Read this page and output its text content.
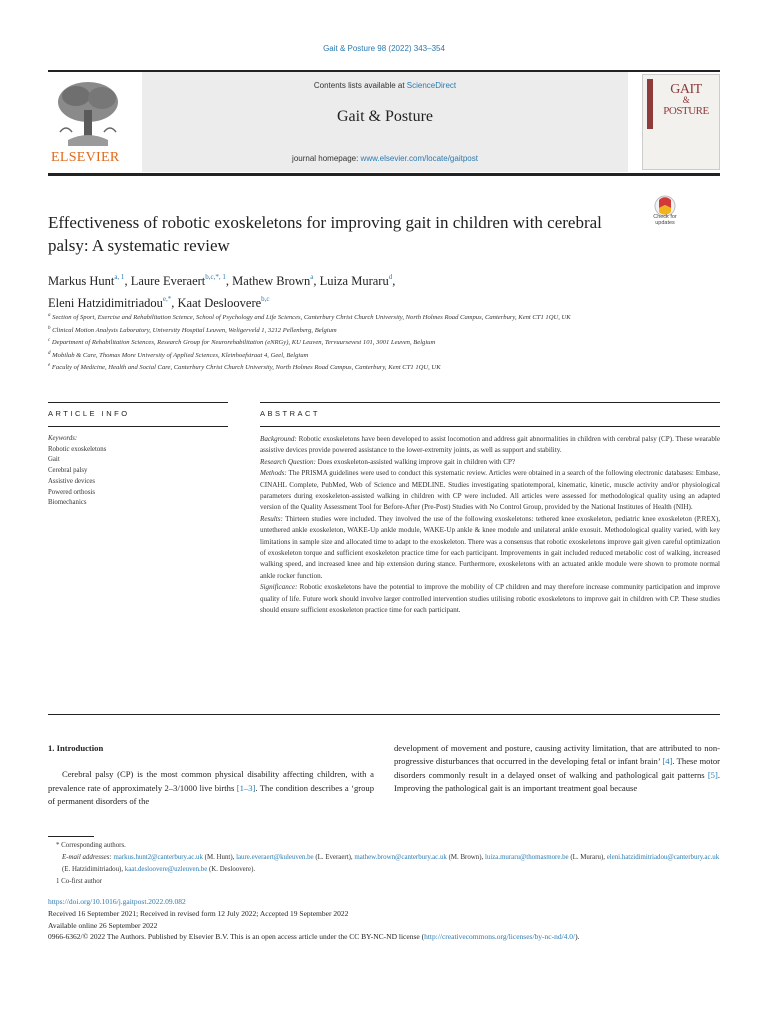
Gait & Posture 98 (2022) 343–354
ELSEVIER
Contents lists available at ScienceDirect
Gait & Posture
journal homepage: www.elsevier.com/locate/gaitpost
GAIT
&
POSTURE
Effectiveness of robotic exoskeletons for improving gait in children with cerebral palsy: A systematic review
Check for
updates
Markus Hunt$^{a, 1}$, Laure Everaert$^{b,c,*, 1}$, Mathew Brown$^a$, Luiza Muraru$^d$,
Eleni Hatzidimitriadou$^{e,*}$, Kaat Desloovere$^{b,c}$
$^a$ Section of Sport, Exercise and Rehabilitation Science, School of Psychology and Life Sciences, Canterbury Christ Church University, North Holmes Road Campus, Canterbury, Kent CT1 1QU, UK
$^b$ Clinical Motion Analysis Laboratory, University Hospital Leuven, Weligerveld 1, 3212 Pellenberg, Belgium
$^c$ Department of Rehabilitation Sciences, Research Group for Neurorehabilitation (eNRGy), KU Leuven, Tervuursevest 101, 3001 Leuven, Belgium
$^d$ Mobilab & Care, Thomas More University of Applied Sciences, Kleinhoefstraat 4, Geel, Belgium
$^e$ Faculty of Medicine, Health and Social Care, Canterbury Christ Church University, North Holmes Road Campus, Canterbury, Kent CT1 1QU, UK
ARTICLE INFO	ABSTRACT
Keywords:
Robotic exoskeletons
Gait
Cerebral palsy
Assistive devices
Powered orthosis
Biomechanics

Background: Robotic exoskeletons have been developed to assist locomotion and address gait abnormalities in children with cerebral palsy (CP). These wearable assistive devices provide powered assistance to the lower-extremity joints, as well as support and stability.

Research Question: Does exoskeleton-assisted walking improve gait in children with CP?

Methods: The PRISMA guidelines were used to conduct this systematic review. Articles were obtained in a search of the following electronic databases: Embase, CINAHL Complete, PubMed, Web of Science and MEDLINE. Studies investigating spatiotemporal, kinematic, kinetic, muscle activity and/or physiological parameters during exoskeleton-assisted walking in children with CP were included. All articles were assessed for methodological quality using an adapted version of the Quality Assessment Tool for Before-After (Pre-Post) Studies with No Control Group, provided by the National Institutes of Health (NIH).

Results: Thirteen studies were included. They involved the use of the following exoskeletons: tethered knee exoskeleton, pediatric knee exoskeleton (P.REX), untethered ankle exoskeleton, WAKE-Up ankle module, WAKE-Up ankle & knee module and unilateral ankle exosuit. Methodological quality varied, with key limitations in sample size and allocated time to adapt to the exoskeleton. There was a consensus that robotic exoskeletons improve gait given careful optimization of exoskeleton torque and sufficient exoskeleton practice time for each participant. Improvements in gait included reduced metabolic cost of walking, increased walking speed, and increased knee and hip extension during stance. Furthermore, exoskeletons with an actuated ankle module were shown to promote normal ankle rocker function.

Significance: Robotic exoskeletons have the potential to improve the mobility of CP children and may therefore increase community participation and improve quality of life. Future work should involve larger controlled intervention studies utilising robotic exoskeletons to improve gait in children with CP. These studies should ensure sufficient exoskeleton practice time for each participant.

1. Introduction

Cerebral palsy (CP) is the most common physical disability affecting children, with a prevalence rate of approximately 2–3/1000 live births [1–3]. The condition describes a ‘group of permanent disorders of the

development of movement and posture, causing activity limitation, that are attributed to non-progressive disturbances that occurred in the developing fetal or infant brain’ [4]. These motor disorders commonly result in a delayed onset of walking and pathological gait patterns [5]. Improving the pathological gait is an important treatment goal because

* Corresponding authors.
E-mail addresses: markus.hunt2@canterbury.ac.uk (M. Hunt), laure.everaert@kuleuven.be (L. Everaert), mathew.brown@canterbury.ac.uk (M. Brown), luiza.muraru@thomasmore.be (L. Muraru), eleni.hatzidimitriadou@canterbury.ac.uk (E. Hatzidimitriadou), kaat.desloovere@uzleuven.be (K. Desloovere).
1 Co-first author
https://doi.org/10.1016/j.gaitpost.2022.09.082
Received 16 September 2021; Received in revised form 12 July 2022; Accepted 19 September 2022
Available online 26 September 2022
0966-6362/© 2022 The Authors. Published by Elsevier B.V. This is an open access article under the CC BY-NC-ND license (http://creativecommons.org/licenses/by-nc-nd/4.0/).
